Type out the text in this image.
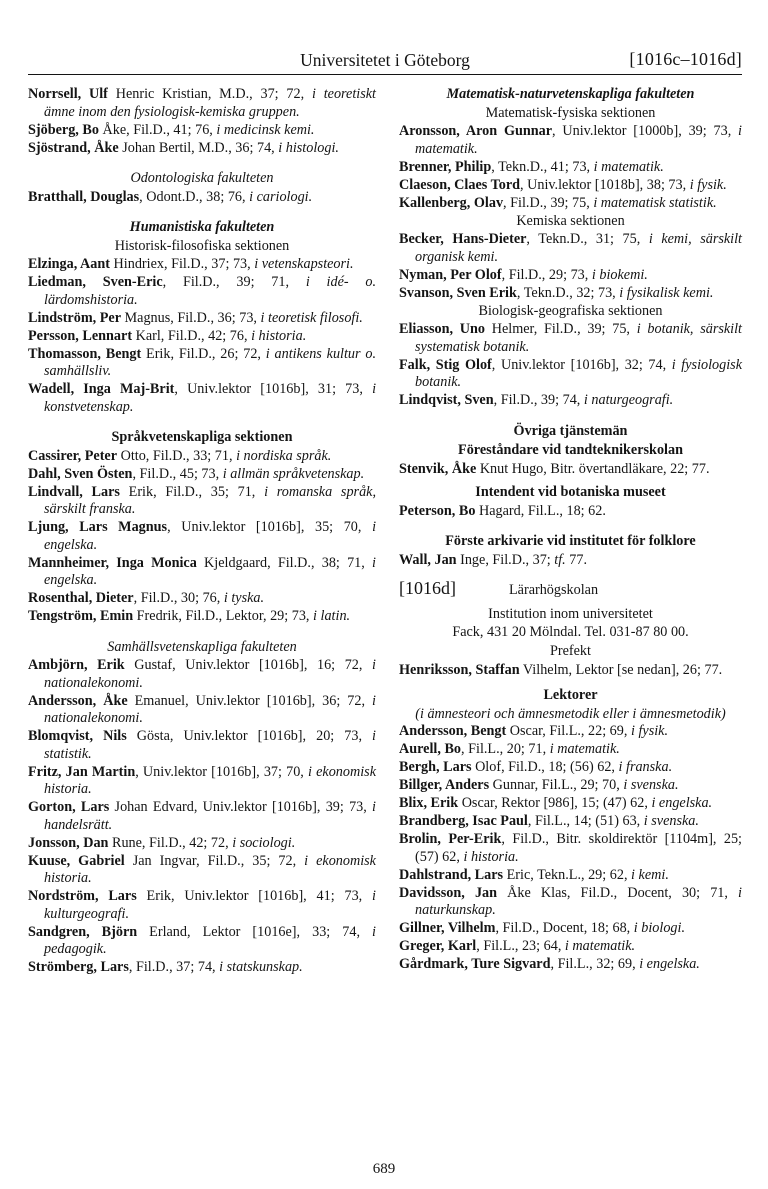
Universitetet i Göteborg	[1016c–1016d]
Norrsell, Ulf Henric Kristian, M.D., 37; 72, i teoretiskt ämne inom den fysiologisk-kemiska gruppen.
Sjöberg, Bo Åke, Fil.D., 41; 76, i medicinsk kemi.
Sjöstrand, Åke Johan Bertil, M.D., 36; 74, i histologi.
Odontologiska fakulteten
Bratthall, Douglas, Odont.D., 38; 76, i cariologi.
Humanistiska fakulteten
Historisk-filosofiska sektionen
Elzinga, Aant Hindriex, Fil.D., 37; 73, i vetenskapsteori.
Liedman, Sven-Eric, Fil.D., 39; 71, i idé- o. lärdomshistoria.
Lindström, Per Magnus, Fil.D., 36; 73, i teoretisk filosofi.
Persson, Lennart Karl, Fil.D., 42; 76, i historia.
Thomasson, Bengt Erik, Fil.D., 26; 72, i antikens kultur o. samhällsliv.
Wadell, Inga Maj-Brit, Univ.lektor [1016b], 31; 73, i konstvetenskap.
Språkvetenskapliga sektionen
Cassirer, Peter Otto, Fil.D., 33; 71, i nordiska språk.
Dahl, Sven Östen, Fil.D., 45; 73, i allmän språkvetenskap.
Lindvall, Lars Erik, Fil.D., 35; 71, i romanska språk, särskilt franska.
Ljung, Lars Magnus, Univ.lektor [1016b], 35; 70, i engelska.
Mannheimer, Inga Monica Kjeldgaard, Fil.D., 38; 71, i engelska.
Rosenthal, Dieter, Fil.D., 30; 76, i tyska.
Tengström, Emin Fredrik, Fil.D., Lektor, 29; 73, i latin.
Samhällsvetenskapliga fakulteten
Ambjörn, Erik Gustaf, Univ.lektor [1016b], 16; 72, i nationalekonomi.
Andersson, Åke Emanuel, Univ.lektor [1016b], 36; 72, i nationalekonomi.
Blomqvist, Nils Gösta, Univ.lektor [1016b], 20; 73, i statistik.
Fritz, Jan Martin, Univ.lektor [1016b], 37; 70, i ekonomisk historia.
Gorton, Lars Johan Edvard, Univ.lektor [1016b], 39; 73, i handelsrätt.
Jonsson, Dan Rune, Fil.D., 42; 72, i sociologi.
Kuuse, Gabriel Jan Ingvar, Fil.D., 35; 72, i ekonomisk historia.
Nordström, Lars Erik, Univ.lektor [1016b], 41; 73, i kulturgeografi.
Sandgren, Björn Erland, Lektor [1016e], 33; 74, i pedagogik.
Strömberg, Lars, Fil.D., 37; 74, i statskunskap.
Matematisk-naturvetenskapliga fakulteten
Matematisk-fysiska sektionen
Aronsson, Aron Gunnar, Univ.lektor [1000b], 39; 73, i matematik.
Brenner, Philip, Tekn.D., 41; 73, i matematik.
Claeson, Claes Tord, Univ.lektor [1018b], 38; 73, i fysik.
Kallenberg, Olav, Fil.D., 39; 75, i matematisk statistik.
Kemiska sektionen
Becker, Hans-Dieter, Tekn.D., 31; 75, i kemi, särskilt organisk kemi.
Nyman, Per Olof, Fil.D., 29; 73, i biokemi.
Svanson, Sven Erik, Tekn.D., 32; 73, i fysikalisk kemi.
Biologisk-geografiska sektionen
Eliasson, Uno Helmer, Fil.D., 39; 75, i botanik, särskilt systematisk botanik.
Falk, Stig Olof, Univ.lektor [1016b], 32; 74, i fysiologisk botanik.
Lindqvist, Sven, Fil.D., 39; 74, i naturgeografi.
Övriga tjänstemän
Föreståndare vid tandteknikerskolan
Stenvik, Åke Knut Hugo, Bitr. övertandläkare, 22; 77.
Intendent vid botaniska museet
Peterson, Bo Hagard, Fil.L., 18; 62.
Förste arkivarie vid institutet för folklore
Wall, Jan Inge, Fil.D., 37; tf. 77.
[1016d]	Lärarhögskolan
Institution inom universitetet
Fack, 431 20 Mölndal. Tel. 031-87 80 00.
Prefekt
Henriksson, Staffan Vilhelm, Lektor [se nedan], 26; 77.
Lektorer
(i ämnesteori och ämnesmetodik eller i ämnesmetodik)
Andersson, Bengt Oscar, Fil.L., 22; 69, i fysik.
Aurell, Bo, Fil.L., 20; 71, i matematik.
Bergh, Lars Olof, Fil.D., 18; (56) 62, i franska.
Billger, Anders Gunnar, Fil.L., 29; 70, i svenska.
Blix, Erik Oscar, Rektor [986], 15; (47) 62, i engelska.
Brandberg, Isac Paul, Fil.L., 14; (51) 63, i svenska.
Brolin, Per-Erik, Fil.D., Bitr. skoldirektör [1104m], 25; (57) 62, i historia.
Dahlstrand, Lars Eric, Tekn.L., 29; 62, i kemi.
Davidsson, Jan Åke Klas, Fil.D., Docent, 30; 71, i naturkunskap.
Gillner, Vilhelm, Fil.D., Docent, 18; 68, i biologi.
Greger, Karl, Fil.L., 23; 64, i matematik.
Gårdmark, Ture Sigvard, Fil.L., 32; 69, i engelska.
689
